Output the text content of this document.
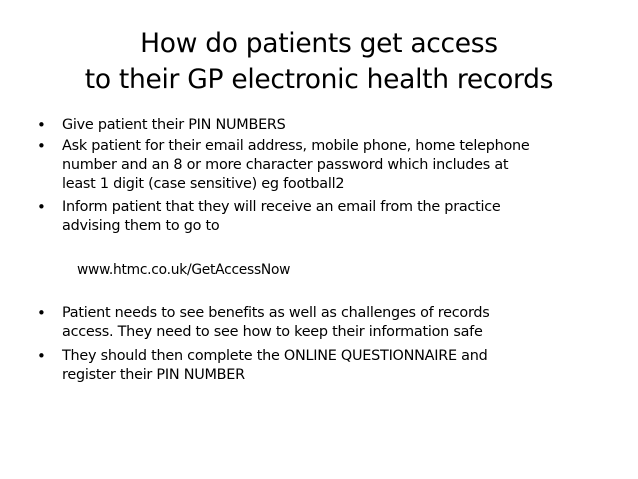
How do patients get access
to their GP electronic health records
• Give patient their PIN NUMBERS
• Ask patient for their email address, mobile phone, home telephone
number and an 8 or more character password which includes at
least 1 digit (case sensitive) eg football2
• Inform patient that they will receive an email from the practice
advising them to go to
www.htmc.co.uk/GetAccessNow
• Patient needs to see benefits as well as challenges of records
access. They need to see how to keep their information safe
• They should then complete the ONLINE QUESTIONNAIRE and
register their PIN NUMBER
